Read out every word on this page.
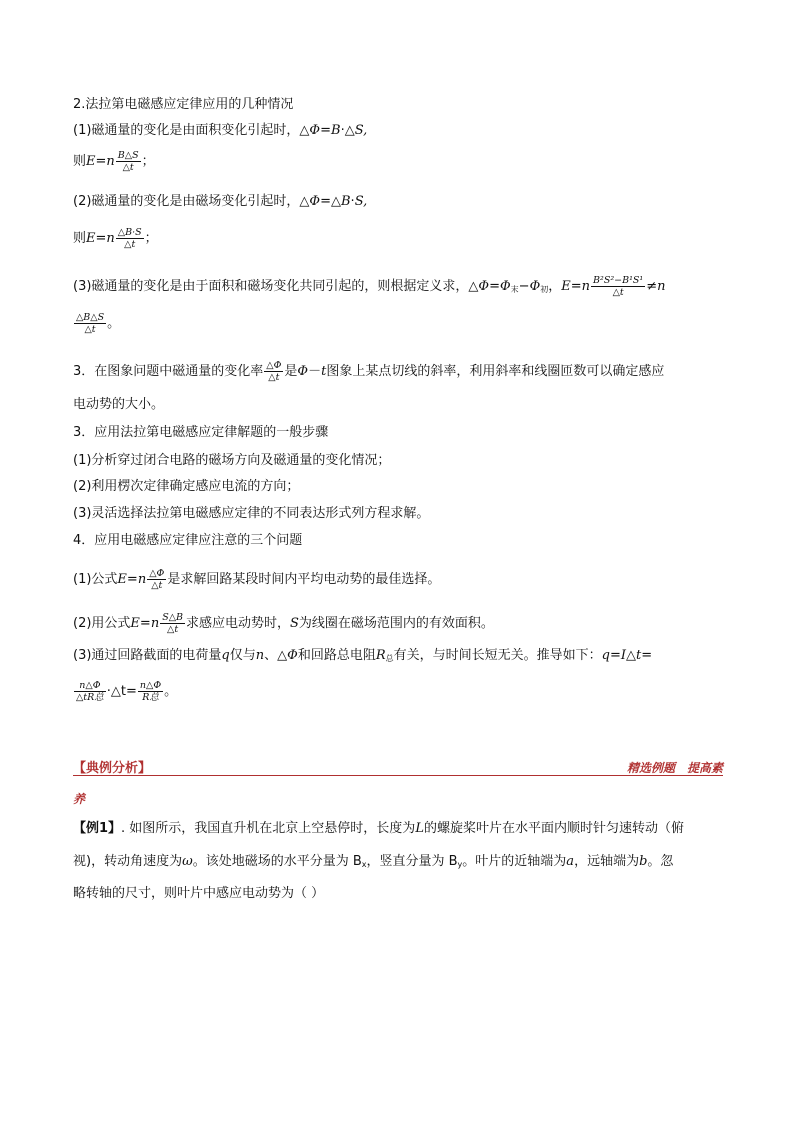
2.法拉第电磁感应定律应用的几种情况
(1)磁通量的变化是由面积变化引起时，△Φ=B·△S,
则$E=n \frac{B\triangle S}{\triangle t}$ ；
(2)磁通量的变化是由磁场变化引起时，△Φ=△B·S,
则$E=n \frac{\triangle B\cdot S}{\triangle t}$ ；
(3)磁通量的变化是由于面积和磁场变化共同引起的，则根据定义求，$\triangle\Phi=\Phi_末-\Phi_初$，$E=n \frac{\text{B²S²−B¹S¹}}{\triangle t} \ne n$
$\frac{\triangle B\triangle S}{\triangle t}$ 。
3．在图象问题中磁通量的变化率 $\frac{\triangle\Phi}{\triangle t}$ 是Φ－t图象上某点切线的斜率，利用斜率和线圈匝数可以确定感应
电动势的大小。
3．应用法拉第电磁感应定律解题的一般步骤
(1)分析穿过闭合电路的磁场方向及磁通量的变化情况；
(2)利用楞次定律确定感应电流的方向；
(3)灵活选择法拉第电磁感应定律的不同表达形式列方程求解。
4．应用电磁感应定律应注意的三个问题
(1)公式$E=n \frac{\triangle\Phi}{\triangle t}$ 是求解回路某段时间内平均电动势的最佳选择。
(2)用公式$E=n \frac{S\triangle B}{\triangle t}$ 求感应电动势时，S为线圈在磁场范围内的有效面积。
(3)通过回路截面的电荷量q仅与n、△Φ和回路总电阻$R_总$有关，与时间长短无关。推导如下：q=I△t=
$\frac{n\triangle\Phi}{\text{△tR总}}$ ·△t= $\frac{n\triangle\Phi}{\text{R总}}$ 。
【典例分析】	精选例题 提高素
养
【例1】. 如图所示，我国直升机在北京上空悬停时，长度为L的螺旋桨叶片在水平面内顺时针匀速转动（俯
视)，转动角速度为ω。该处地磁场的水平分量为 $B_x$，竖直分量为 $B_y$。叶片的近轴端为a，远轴端为b。忽
略转轴的尺寸，则叶片中感应电动势为（ ）
